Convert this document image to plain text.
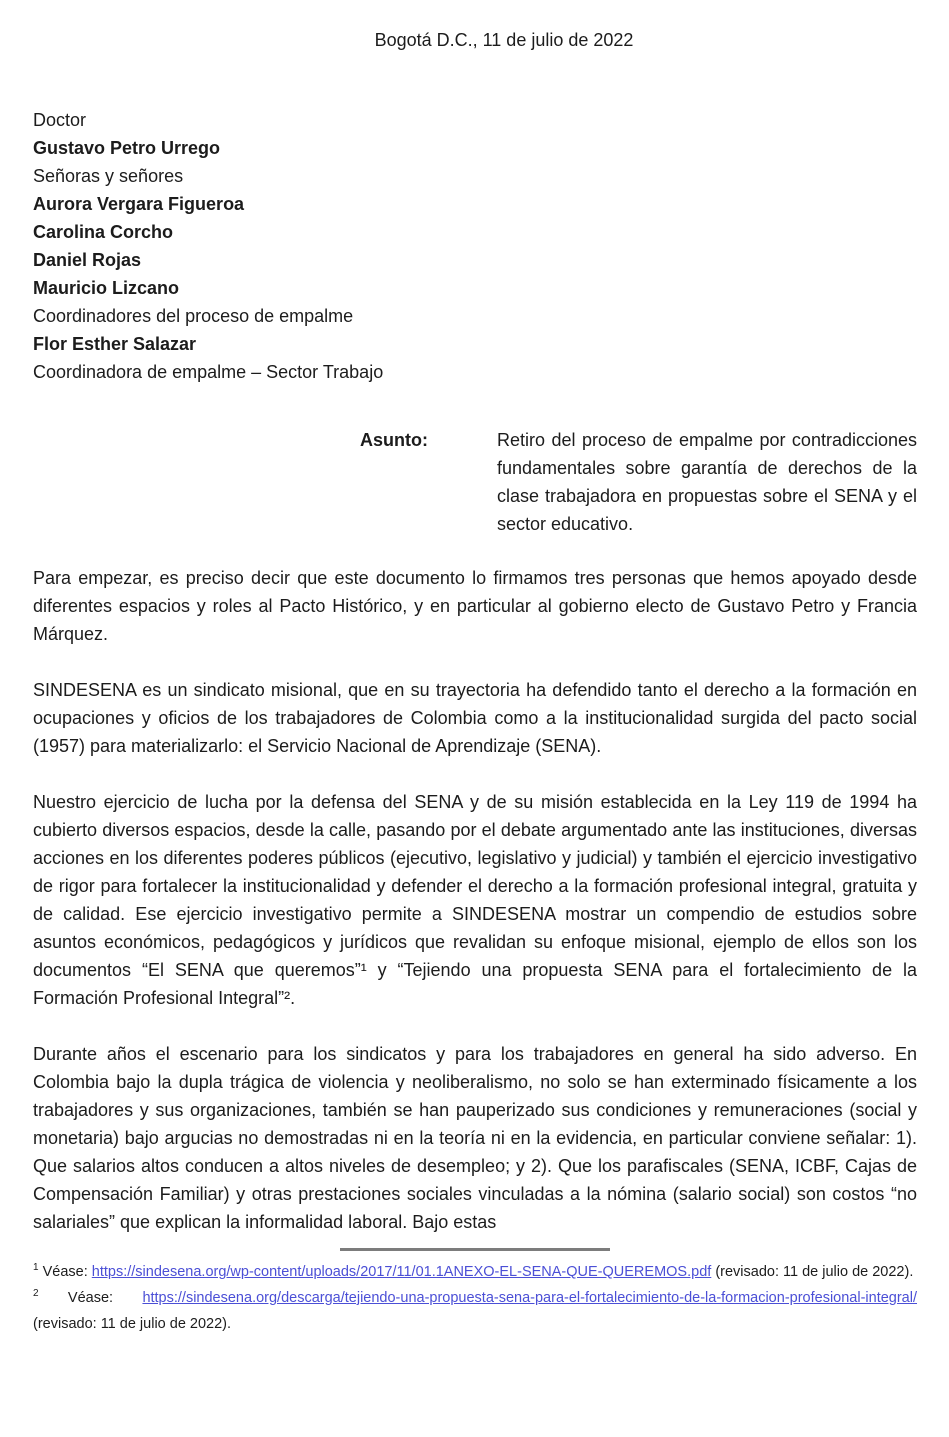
Bogotá D.C., 11 de julio de 2022
Doctor
Gustavo Petro Urrego
Señoras y señores
Aurora Vergara Figueroa
Carolina Corcho
Daniel Rojas
Mauricio Lizcano
Coordinadores del proceso de empalme
Flor Esther Salazar
Coordinadora de empalme – Sector Trabajo
Asunto:	Retiro del proceso de empalme por contradicciones fundamentales sobre garantía de derechos de la clase trabajadora en propuestas sobre el SENA y el sector educativo.

Para empezar, es preciso decir que este documento lo firmamos tres personas que hemos apoyado desde diferentes espacios y roles al Pacto Histórico, y en particular al gobierno electo de Gustavo Petro y Francia Márquez.

SINDESENA es un sindicato misional, que en su trayectoria ha defendido tanto el derecho a la formación en ocupaciones y oficios de los trabajadores de Colombia como a la institucionalidad surgida del pacto social (1957) para materializarlo: el Servicio Nacional de Aprendizaje (SENA).

Nuestro ejercicio de lucha por la defensa del SENA y de su misión establecida en la Ley 119 de 1994 ha cubierto diversos espacios, desde la calle, pasando por el debate argumentado ante las instituciones, diversas acciones en los diferentes poderes públicos (ejecutivo, legislativo y judicial) y también el ejercicio investigativo de rigor para fortalecer la institucionalidad y defender el derecho a la formación profesional integral, gratuita y de calidad. Ese ejercicio investigativo permite a SINDESENA mostrar un compendio de estudios sobre asuntos económicos, pedagógicos y jurídicos que revalidan su enfoque misional, ejemplo de ellos son los documentos “El SENA que queremos”¹ y “Tejiendo una propuesta SENA para el fortalecimiento de la Formación Profesional Integral”².

Durante años el escenario para los sindicatos y para los trabajadores en general ha sido adverso. En Colombia bajo la dupla trágica de violencia y neoliberalismo, no solo se han exterminado físicamente a los trabajadores y sus organizaciones, también se han pauperizado sus condiciones y remuneraciones (social y monetaria) bajo argucias no demostradas ni en la teoría ni en la evidencia, en particular conviene señalar: 1). Que salarios altos conducen a altos niveles de desempleo; y 2). Que los parafiscales (SENA, ICBF, Cajas de Compensación Familiar) y otras prestaciones sociales vinculadas a la nómina (salario social) son costos “no salariales” que explican la informalidad laboral. Bajo estas

$^1$ Véase: https://sindesena.org/wp-content/uploads/2017/11/01.1ANEXO-EL-SENA-QUE-QUEREMOS.pdf (revisado: 11 de julio de 2022).
$^2$ Véase: https://sindesena.org/descarga/tejiendo-una-propuesta-sena-para-el-fortalecimiento-de-la-formacion-profesional-integral/ (revisado: 11 de julio de 2022).
